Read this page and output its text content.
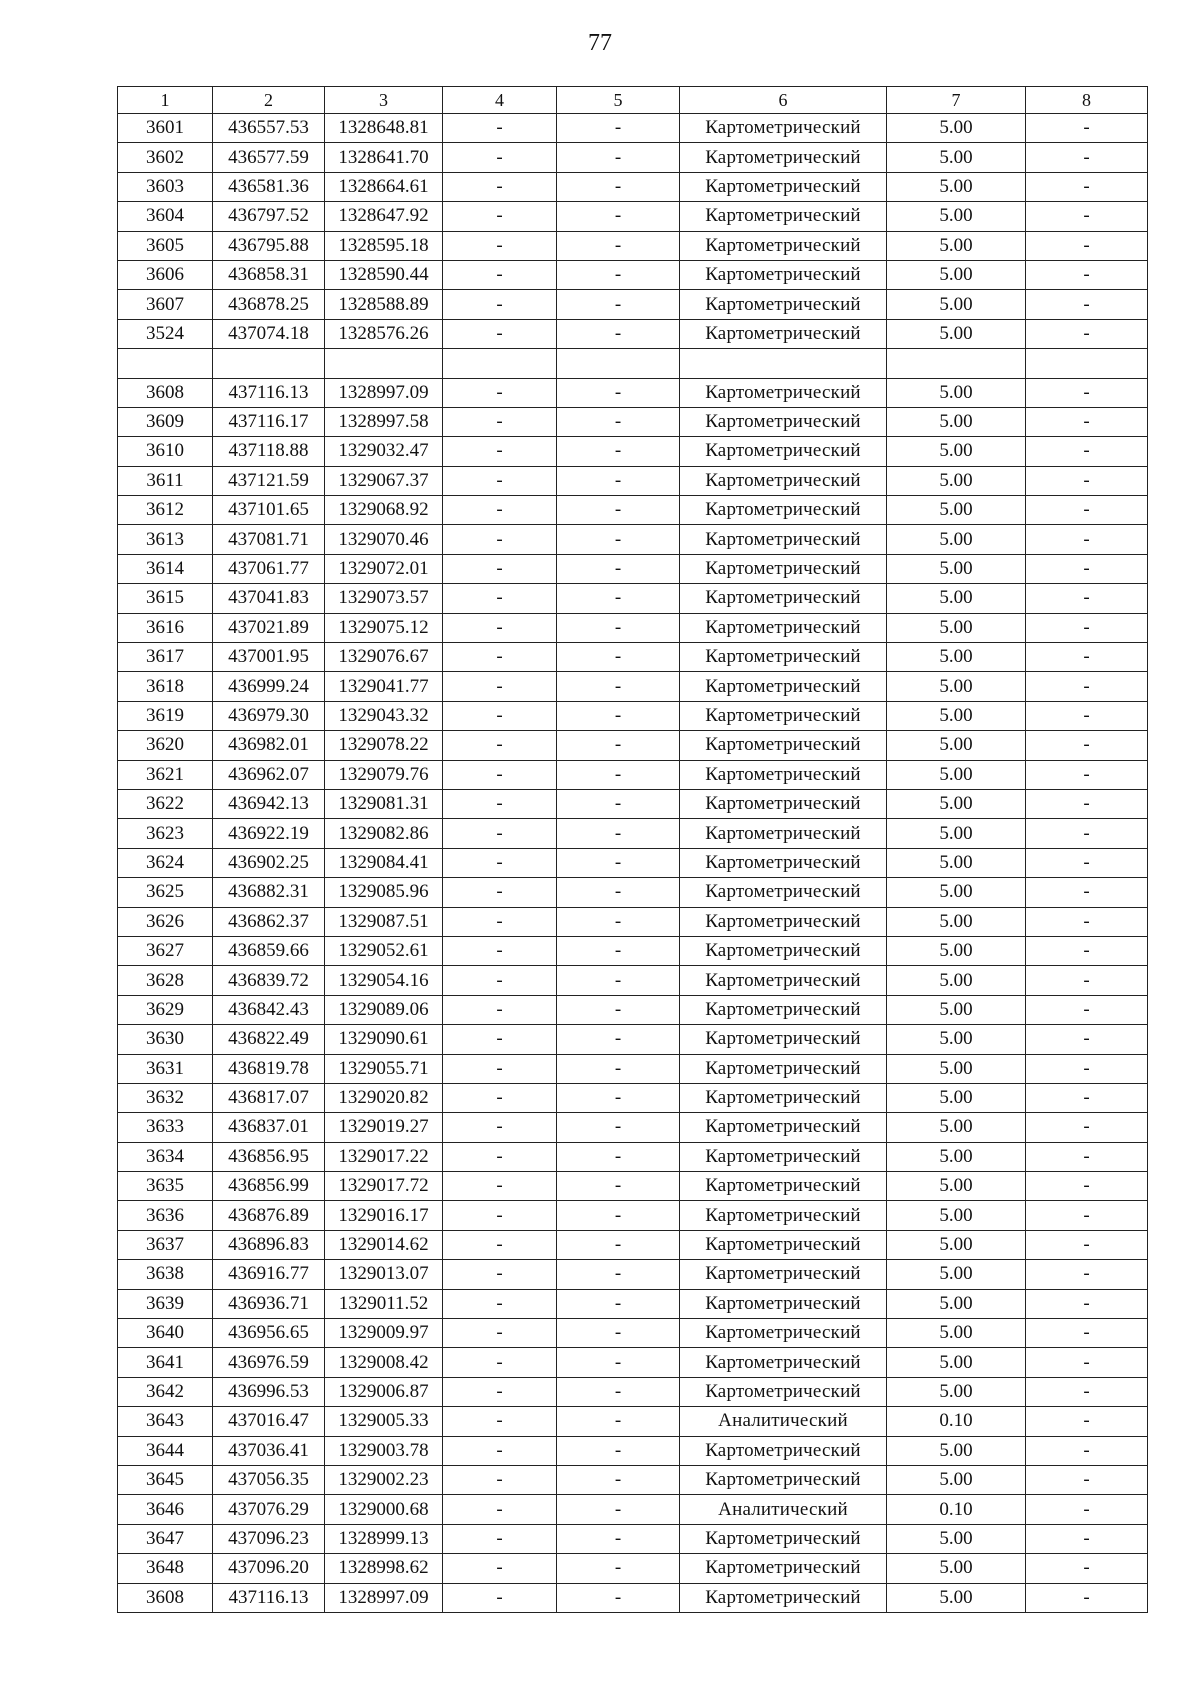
77
1	2	3	4	5	6	7	8
3601	436557.53	1328648.81	-	-	Картометрический	5.00	-
3602	436577.59	1328641.70	-	-	Картометрический	5.00	-
3603	436581.36	1328664.61	-	-	Картометрический	5.00	-
3604	436797.52	1328647.92	-	-	Картометрический	5.00	-
3605	436795.88	1328595.18	-	-	Картометрический	5.00	-
3606	436858.31	1328590.44	-	-	Картометрический	5.00	-
3607	436878.25	1328588.89	-	-	Картометрический	5.00	-
3524	437074.18	1328576.26	-	-	Картометрический	5.00	-

3608	437116.13	1328997.09	-	-	Картометрический	5.00	-
3609	437116.17	1328997.58	-	-	Картометрический	5.00	-
3610	437118.88	1329032.47	-	-	Картометрический	5.00	-
3611	437121.59	1329067.37	-	-	Картометрический	5.00	-
3612	437101.65	1329068.92	-	-	Картометрический	5.00	-
3613	437081.71	1329070.46	-	-	Картометрический	5.00	-
3614	437061.77	1329072.01	-	-	Картометрический	5.00	-
3615	437041.83	1329073.57	-	-	Картометрический	5.00	-
3616	437021.89	1329075.12	-	-	Картометрический	5.00	-
3617	437001.95	1329076.67	-	-	Картометрический	5.00	-
3618	436999.24	1329041.77	-	-	Картометрический	5.00	-
3619	436979.30	1329043.32	-	-	Картометрический	5.00	-
3620	436982.01	1329078.22	-	-	Картометрический	5.00	-
3621	436962.07	1329079.76	-	-	Картометрический	5.00	-
3622	436942.13	1329081.31	-	-	Картометрический	5.00	-
3623	436922.19	1329082.86	-	-	Картометрический	5.00	-
3624	436902.25	1329084.41	-	-	Картометрический	5.00	-
3625	436882.31	1329085.96	-	-	Картометрический	5.00	-
3626	436862.37	1329087.51	-	-	Картометрический	5.00	-
3627	436859.66	1329052.61	-	-	Картометрический	5.00	-
3628	436839.72	1329054.16	-	-	Картометрический	5.00	-
3629	436842.43	1329089.06	-	-	Картометрический	5.00	-
3630	436822.49	1329090.61	-	-	Картометрический	5.00	-
3631	436819.78	1329055.71	-	-	Картометрический	5.00	-
3632	436817.07	1329020.82	-	-	Картометрический	5.00	-
3633	436837.01	1329019.27	-	-	Картометрический	5.00	-
3634	436856.95	1329017.22	-	-	Картометрический	5.00	-
3635	436856.99	1329017.72	-	-	Картометрический	5.00	-
3636	436876.89	1329016.17	-	-	Картометрический	5.00	-
3637	436896.83	1329014.62	-	-	Картометрический	5.00	-
3638	436916.77	1329013.07	-	-	Картометрический	5.00	-
3639	436936.71	1329011.52	-	-	Картометрический	5.00	-
3640	436956.65	1329009.97	-	-	Картометрический	5.00	-
3641	436976.59	1329008.42	-	-	Картометрический	5.00	-
3642	436996.53	1329006.87	-	-	Картометрический	5.00	-
3643	437016.47	1329005.33	-	-	Аналитический	0.10	-
3644	437036.41	1329003.78	-	-	Картометрический	5.00	-
3645	437056.35	1329002.23	-	-	Картометрический	5.00	-
3646	437076.29	1329000.68	-	-	Аналитический	0.10	-
3647	437096.23	1328999.13	-	-	Картометрический	5.00	-
3648	437096.20	1328998.62	-	-	Картометрический	5.00	-
3608	437116.13	1328997.09	-	-	Картометрический	5.00	-
